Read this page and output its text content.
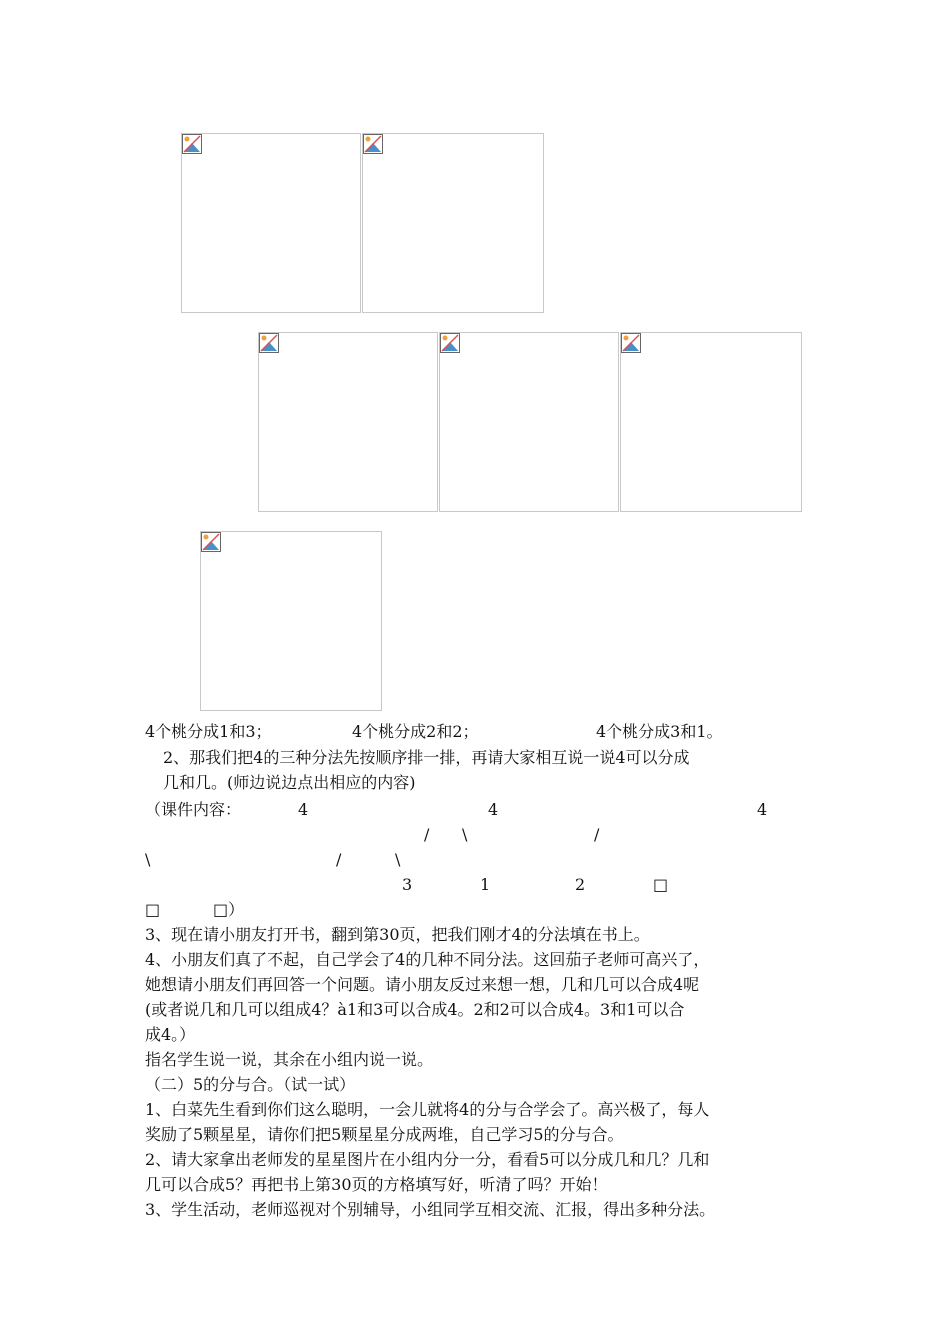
4个桃分成1和3；	4个桃分成2和2；	4个桃分成3和1。
2、那我们把4的三种分法先按顺序排一排，再请大家相互说一说4可以分成
几和几。(师边说边点出相应的内容)
（课件内容：	4	4	4
/ \	/
\	/	\
3	1	2	□
□	□）
3、现在请小朋友打开书，翻到第30页，把我们刚才4的分法填在书上。
4、小朋友们真了不起，自己学会了4的几种不同分法。这回茄子老师可高兴了，
她想请小朋友们再回答一个问题。请小朋友反过来想一想，几和几可以合成4呢
(或者说几和几可以组成4？à1和3可以合成4。2和2可以合成4。3和1可以合
成4。）
指名学生说一说，其余在小组内说一说。
（二）5的分与合。（试一试）
1、白菜先生看到你们这么聪明，一会儿就将4的分与合学会了。高兴极了，每人
奖励了5颗星星，请你们把5颗星星分成两堆，自己学习5的分与合。
2、请大家拿出老师发的星星图片在小组内分一分，看看5可以分成几和几？几和
几可以合成5？再把书上第30页的方格填写好，听清了吗？开始！
3、学生活动，老师巡视对个别辅导，小组同学互相交流、汇报，得出多种分法。
